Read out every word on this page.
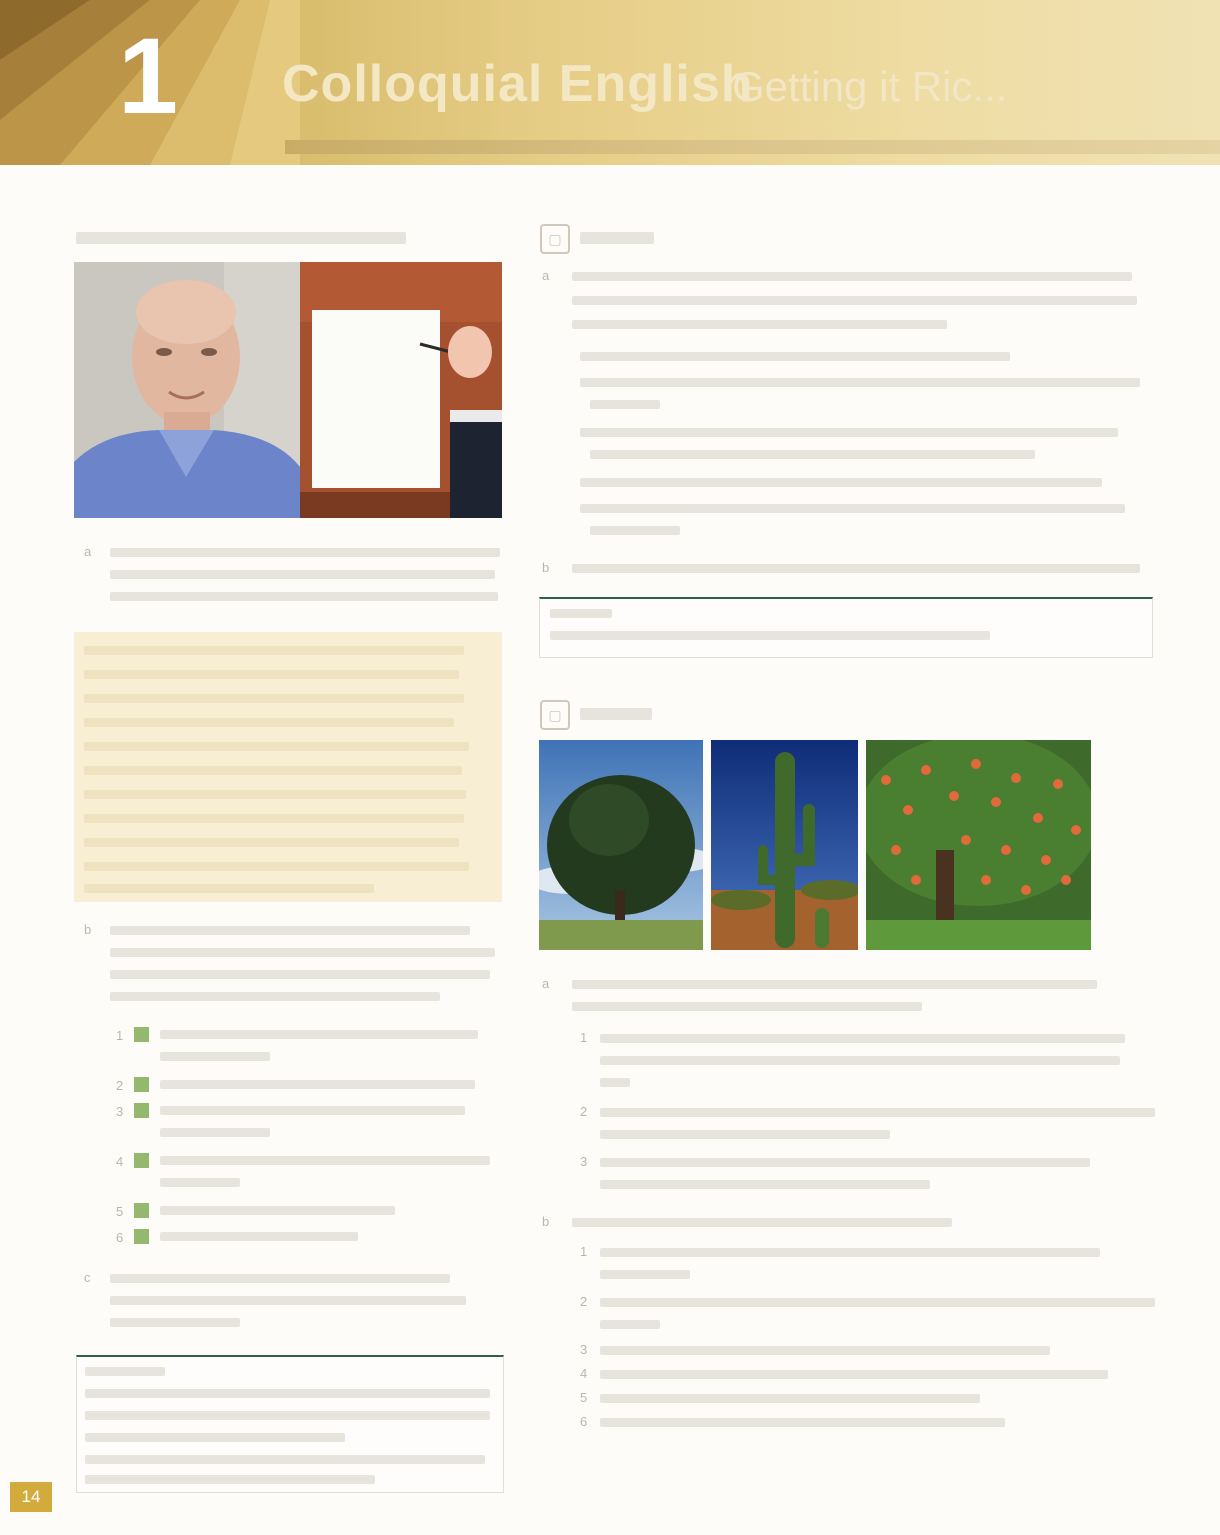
1 Colloquial English
Getting it Ric...
a
b
1
2
3
4
5
6
c
14
▢
a
b
▢
a
1
2
3
b
1
2
3
4
5
6
